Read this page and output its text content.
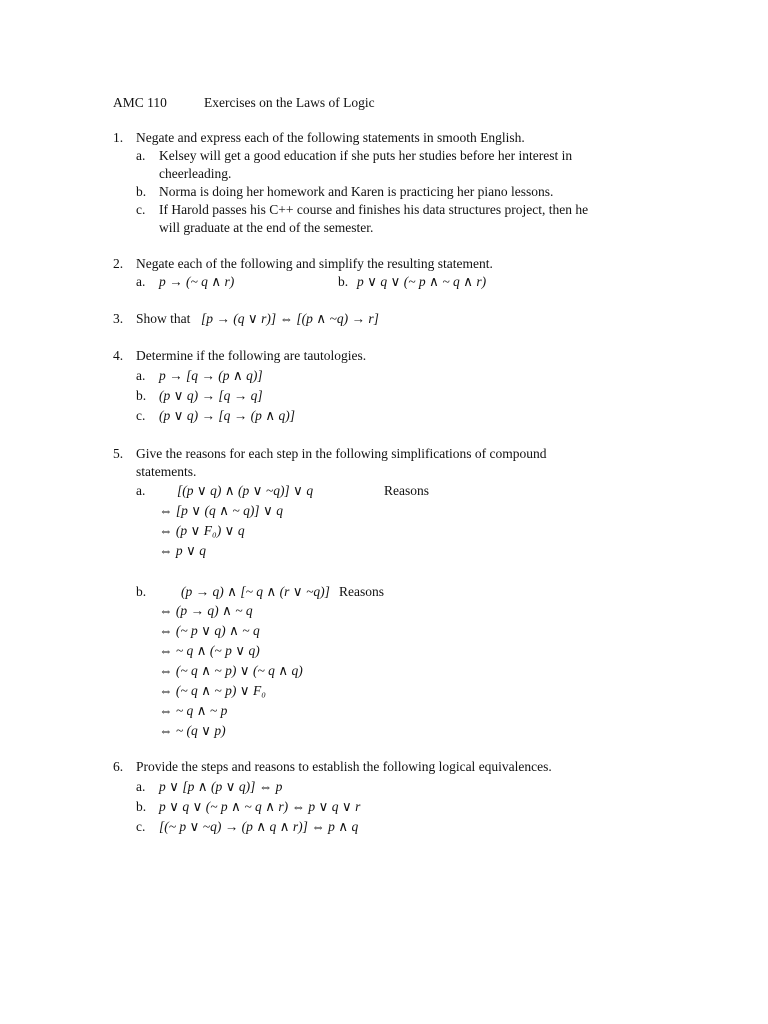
AMC 110	Exercises on the Laws of Logic
1. Negate and express each of the following statements in smooth English.
a. Kelsey will get a good education if she puts her studies before her interest in
cheerleading.
b. Norma is doing her homework and Karen is practicing her piano lessons.
c. If Harold passes his C++ course and finishes his data structures project, then he
will graduate at the end of the semester.
2. Negate each of the following and simplify the resulting statement.
a. p → (~ q ∧ r)	b. p ∨ q ∨ (~ p ∧ ~ q ∧ r)
3. Show that [p → (q ∨ r)] ⇔ [(p ∧ ~q) → r]
4. Determine if the following are tautologies.
a. p → [q → (p ∧ q)]
b. (p ∨ q) → [q → q]
c. (p ∨ q) → [q → (p ∧ q)]
5. Give the reasons for each step in the following simplifications of compound
statements.
a. [(p ∨ q) ∧ (p ∨ ~q)] ∨ q	Reasons
⇔ [p ∨ (q ∧ ~ q)] ∨ q
⇔ (p ∨ F₀) ∨ q
⇔ p ∨ q
b.	(p → q) ∧ [~ q ∧ (r ∨ ~q)] Reasons
⇔ (p → q) ∧ ~ q
⇔ (~ p ∨ q) ∧ ~ q
⇔ ~ q ∧ (~ p ∨ q)
⇔ (~ q ∧ ~ p) ∨ (~ q ∧ q)
⇔ (~ q ∧ ~ p) ∨ F₀
⇔ ~ q ∧ ~ p
⇔ ~ (q ∨ p)
6. Provide the steps and reasons to establish the following logical equivalences.
a. p ∨ [p ∧ (p ∨ q)] ⇔ p
b. p ∨ q ∨ (~ p ∧ ~ q ∧ r) ⇔ p ∨ q ∨ r
c. [(~ p ∨ ~q) → (p ∧ q ∧ r)] ⇔ p ∧ q
